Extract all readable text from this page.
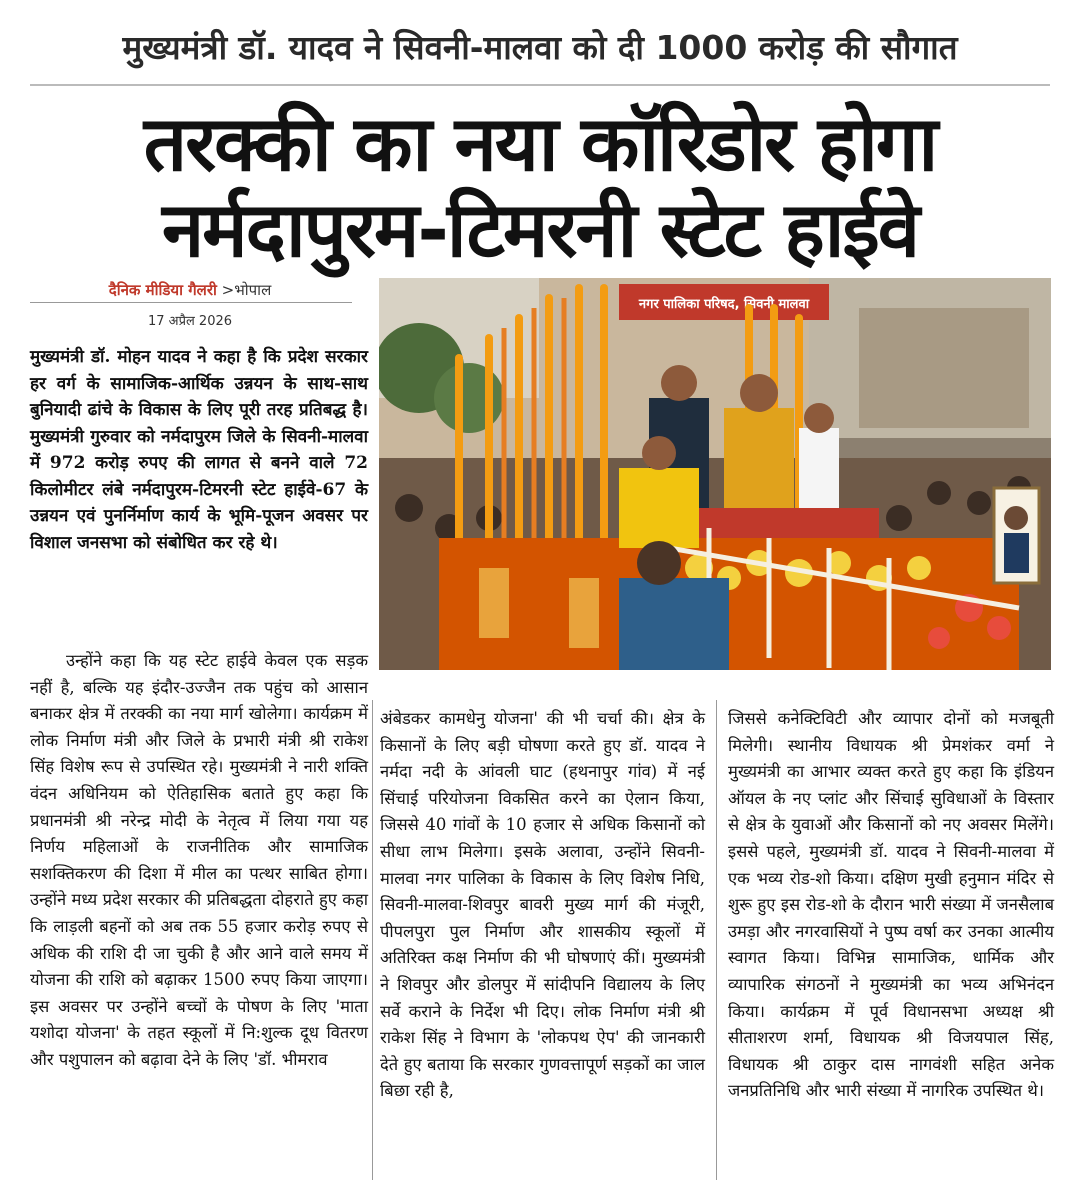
मुख्यमंत्री डॉ. यादव ने सिवनी-मालवा को दी 1000 करोड़ की सौगात
तरक्की का नया कॉरिडोर होगा
नर्मदापुरम-टिमरनी स्टेट हाईवे
दैनिक मीडिया गैलरी >भोपाल
17 अप्रैल 2026
नगर पालिका परिषद, सिवनी मालवा

मुख्यमंत्री डॉ. मोहन यादव ने कहा है कि प्रदेश सरकार हर वर्ग के सामाजिक-आर्थिक उन्नयन के साथ-साथ बुनियादी ढांचे के विकास के लिए पूरी तरह प्रतिबद्ध है। मुख्यमंत्री गुरुवार को नर्मदापुरम जिले के सिवनी-मालवा में 972 करोड़ रुपए की लागत से बनने वाले 72 किलोमीटर लंबे नर्मदापुरम-टिमरनी स्टेट हाईवे-67 के उन्नयन एवं पुनर्निर्माण कार्य के भूमि-पूजन अवसर पर विशाल जनसभा को संबोधित कर रहे थे।

उन्होंने कहा कि यह स्टेट हाईवे केवल एक सड़क नहीं है, बल्कि यह इंदौर-उज्जैन तक पहुंच को आसान बनाकर क्षेत्र में तरक्की का नया मार्ग खोलेगा। कार्यक्रम में लोक निर्माण मंत्री और जिले के प्रभारी मंत्री श्री राकेश सिंह विशेष रूप से उपस्थित रहे। मुख्यमंत्री ने नारी शक्ति वंदन अधिनियम को ऐतिहासिक बताते हुए कहा कि प्रधानमंत्री श्री नरेन्द्र मोदी के नेतृत्व में लिया गया यह निर्णय महिलाओं के राजनीतिक और सामाजिक सशक्तिकरण की दिशा में मील का पत्थर साबित होगा। उन्होंने मध्य प्रदेश सरकार की प्रतिबद्धता दोहराते हुए कहा कि लाड़ली बहनों को अब तक 55 हजार करोड़ रुपए से अधिक की राशि दी जा चुकी है और आने वाले समय में योजना की राशि को बढ़ाकर 1500 रुपए किया जाएगा। इस अवसर पर उन्होंने बच्चों के पोषण के लिए 'माता यशोदा योजना' के तहत स्कूलों में नि:शुल्क दूध वितरण और पशुपालन को बढ़ावा देने के लिए 'डॉ. भीमराव

अंबेडकर कामधेनु योजना' की भी चर्चा की। क्षेत्र के किसानों के लिए बड़ी घोषणा करते हुए डॉ. यादव ने नर्मदा नदी के आंवली घाट (हथनापुर गांव) में नई सिंचाई परियोजना विकसित करने का ऐलान किया, जिससे 40 गांवों के 10 हजार से अधिक किसानों को सीधा लाभ मिलेगा। इसके अलावा, उन्होंने सिवनी-मालवा नगर पालिका के विकास के लिए विशेष निधि, सिवनी-मालवा-शिवपुर बावरी मुख्य मार्ग की मंजूरी, पीपलपुरा पुल निर्माण और शासकीय स्कूलों में अतिरिक्त कक्ष निर्माण की भी घोषणाएं कीं। मुख्यमंत्री ने शिवपुर और डोलपुर में सांदीपनि विद्यालय के लिए सर्वे कराने के निर्देश भी दिए। लोक निर्माण मंत्री श्री राकेश सिंह ने विभाग के 'लोकपथ ऐप' की जानकारी देते हुए बताया कि सरकार गुणवत्तापूर्ण सड़कों का जाल बिछा रही है,

जिससे कनेक्टिविटी और व्यापार दोनों को मजबूती मिलेगी। स्थानीय विधायक श्री प्रेमशंकर वर्मा ने मुख्यमंत्री का आभार व्यक्त करते हुए कहा कि इंडियन ऑयल के नए प्लांट और सिंचाई सुविधाओं के विस्तार से क्षेत्र के युवाओं और किसानों को नए अवसर मिलेंगे। इससे पहले, मुख्यमंत्री डॉ. यादव ने सिवनी-मालवा में एक भव्य रोड-शो किया। दक्षिण मुखी हनुमान मंदिर से शुरू हुए इस रोड-शो के दौरान भारी संख्या में जनसैलाब उमड़ा और नगरवासियों ने पुष्प वर्षा कर उनका आत्मीय स्वागत किया। विभिन्न सामाजिक, धार्मिक और व्यापारिक संगठनों ने मुख्यमंत्री का भव्य अभिनंदन किया। कार्यक्रम में पूर्व विधानसभा अध्यक्ष श्री सीताशरण शर्मा, विधायक श्री विजयपाल सिंह, विधायक श्री ठाकुर दास नागवंशी सहित अनेक जनप्रतिनिधि और भारी संख्या में नागरिक उपस्थित थे।
